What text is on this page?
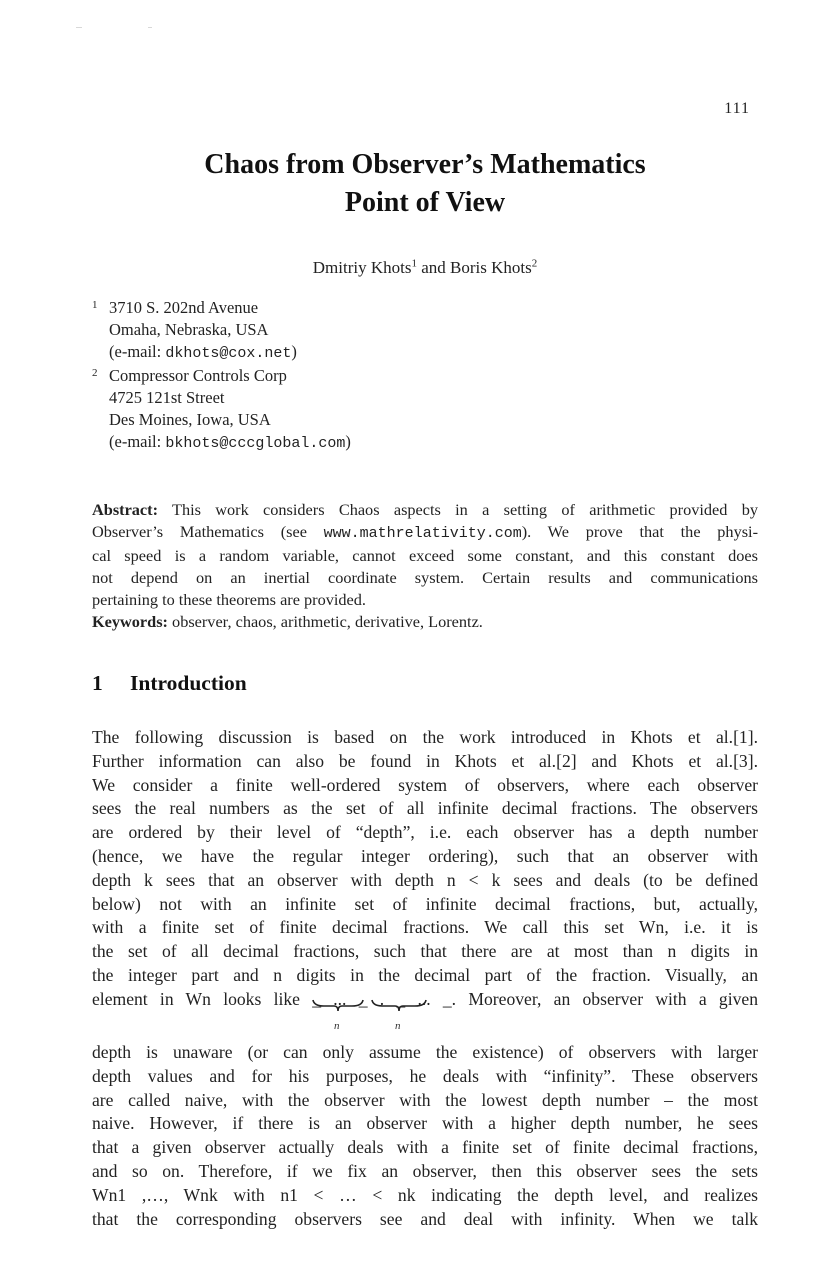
111
Chaos from Observer’s Mathematics
Point of View
Dmitriy Khots$^1$ and Boris Khots$^2$
1 3710 S. 202nd Avenue
Omaha, Nebraska, USA
(e-mail: dkhots@cox.net)
2 Compressor Controls Corp
4725 121st Street
Des Moines, Iowa, USA
(e-mail: bkhots@cccglobal.com)
Abstract: This work considers Chaos aspects in a setting of arithmetic provided by
Observer’s Mathematics (see www.mathrelativity.com). We prove that the physi-
cal speed is a random variable, cannot exceed some constant, and this constant does
not depend on an inertial coordinate system. Certain results and communications
pertaining to these theorems are provided.
Keywords: observer, chaos, arithmetic, derivative, Lorentz.
1 Introduction
The following discussion is based on the work introduced in Khots et al.[1].
Further information can also be found in Khots et al.[2] and Khots et al.[3].
We consider a finite well-ordered system of observers, where each observer
sees the real numbers as the set of all infinite decimal fractions. The observers
are ordered by their level of “depth”, i.e. each observer has a depth number
(hence, we have the regular integer ordering), such that an observer with
depth k sees that an observer with depth n < k sees and deals (to be defined
below) not with an infinite set of infinite decimal fractions, but, actually,
with a finite set of finite decimal fractions. We call this set Wn, i.e. it is
the set of all decimal fractions, such that there are at most than n digits in
the integer part and n digits in the decimal part of the fraction. Visually, an
element in Wn looks like _ ... _ . _ ... _. Moreover, an observer with a given
n	n
depth is unaware (or can only assume the existence) of observers with larger
depth values and for his purposes, he deals with “infinity”. These observers
are called naive, with the observer with the lowest depth number – the most
naive. However, if there is an observer with a higher depth number, he sees
that a given observer actually deals with a finite set of finite decimal fractions,
and so on. Therefore, if we fix an observer, then this observer sees the sets
Wn1 ,…, Wnk with n1 < … < nk indicating the depth level, and realizes
that the corresponding observers see and deal with infinity. When we talk
